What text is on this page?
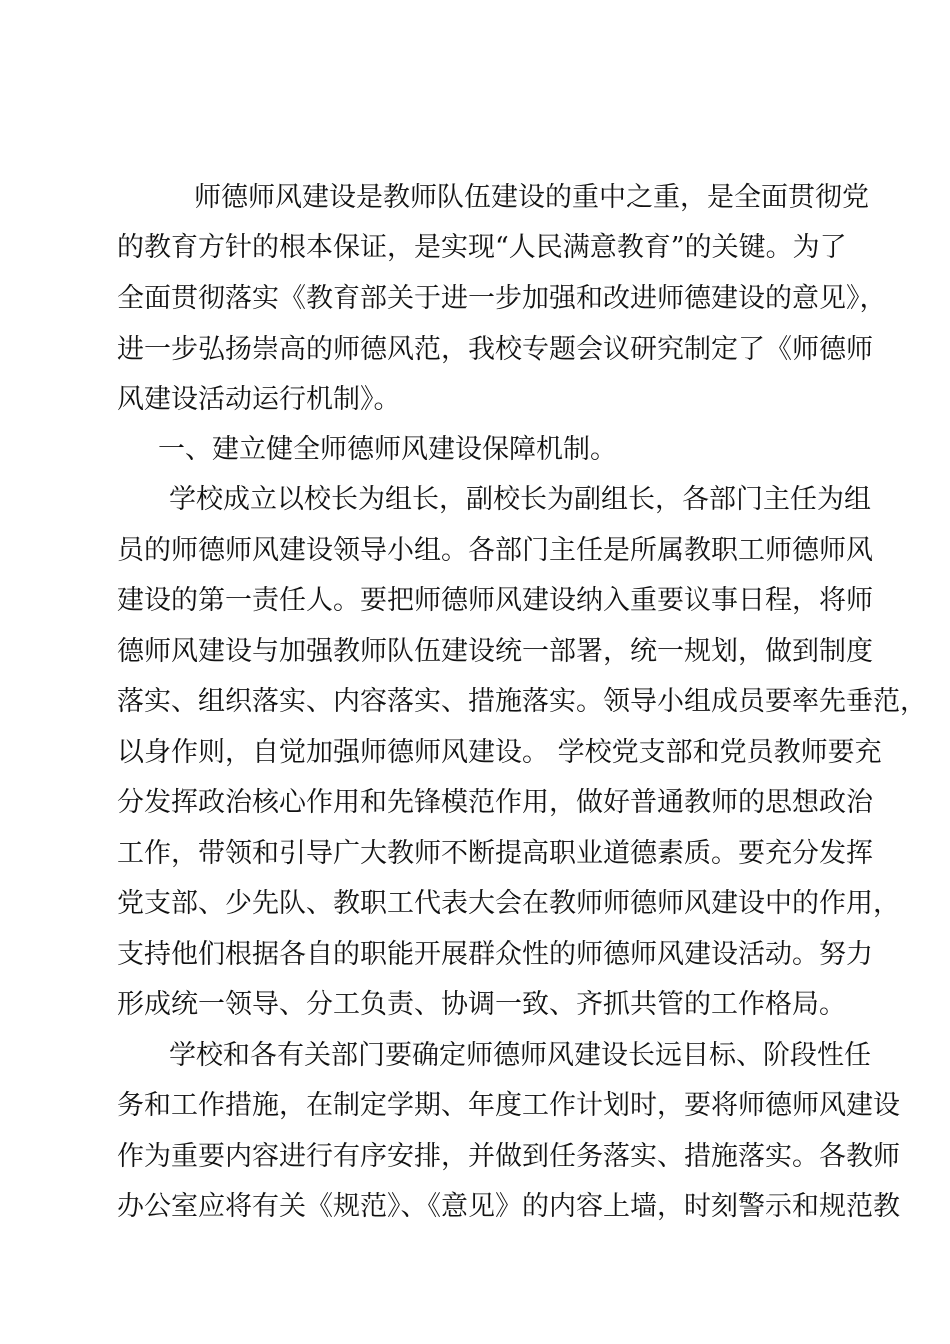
师德师风建设是教师队伍建设的重中之重，是全面贯彻党
的教育方针的根本保证，是实现“人民满意教育”的关键。为了
全面贯彻落实《教育部关于进一步加强和改进师德建设的意见》，
进一步弘扬崇高的师德风范，我校专题会议研究制定了《师德师
风建设活动运行机制》。
一、建立健全师德师风建设保障机制。
学校成立以校长为组长，副校长为副组长，各部门主任为组
员的师德师风建设领导小组。各部门主任是所属教职工师德师风
建设的第一责任人。要把师德师风建设纳入重要议事日程，将师
德师风建设与加强教师队伍建设统一部署，统一规划，做到制度
落实、组织落实、内容落实、措施落实。领导小组成员要率先垂范，
以身作则，自觉加强师德师风建设。 学校党支部和党员教师要充
分发挥政治核心作用和先锋模范作用，做好普通教师的思想政治
工作，带领和引导广大教师不断提高职业道德素质。要充分发挥
党支部、少先队、教职工代表大会在教师师德师风建设中的作用，
支持他们根据各自的职能开展群众性的师德师风建设活动。努力
形成统一领导、分工负责、协调一致、齐抓共管的工作格局。
学校和各有关部门要确定师德师风建设长远目标、阶段性任
务和工作措施，在制定学期、年度工作计划时，要将师德师风建设
作为重要内容进行有序安排，并做到任务落实、措施落实。各教师
办公室应将有关《规范》、《意见》的内容上墙，时刻警示和规范教
